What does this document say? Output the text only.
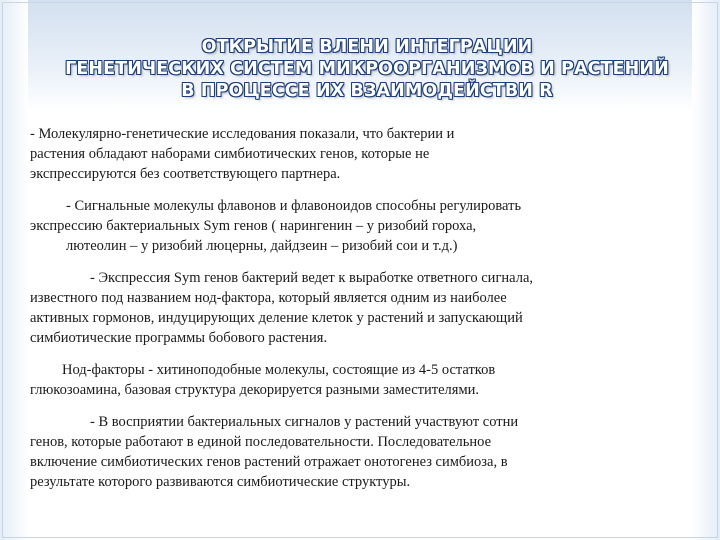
ОТКРЫТИЕ ВЛЕНИ ИНТЕГРАЦИИ
ГЕНЕТИЧЕСКИХ СИСТЕМ МИКРООРГАНИЗМОВ И РАСТЕНИЙ
В ПРОЦЕССЕ ИХ ВЗАИМОДЕЙСТВИ R
- Молекулярно-генетические исследования показали, что бактерии и
растения обладают наборами симбиотических генов, которые не
экспрессируются без соответствующего партнера.
- Сигнальные молекулы флавонов и флавоноидов способны регулировать
экспрессию бактериальных Sym генов ( нарингенин – у ризобий гороха,
лютеолин – у ризобий люцерны, дайдзеин – ризобий сои и т.д.)
- Экспрессия Sym генов бактерий ведет к выработке ответного сигнала,
известного под названием нод-фактора, который является одним из наиболее
активных гормонов, индуцирующих деление клеток у растений и запускающий
симбиотические программы бобового растения.
Нод-факторы - хитиноподобные молекулы, состоящие из 4-5 остатков
глюкозоамина, базовая структура декорируется разными заместителями.
- В восприятии бактериальных сигналов у растений участвуют сотни
генов, которые работают в единой последовательности. Последовательное
включение симбиотических генов растений отражает онотогенез симбиоза, в
результате которого развиваются симбиотические структуры.
